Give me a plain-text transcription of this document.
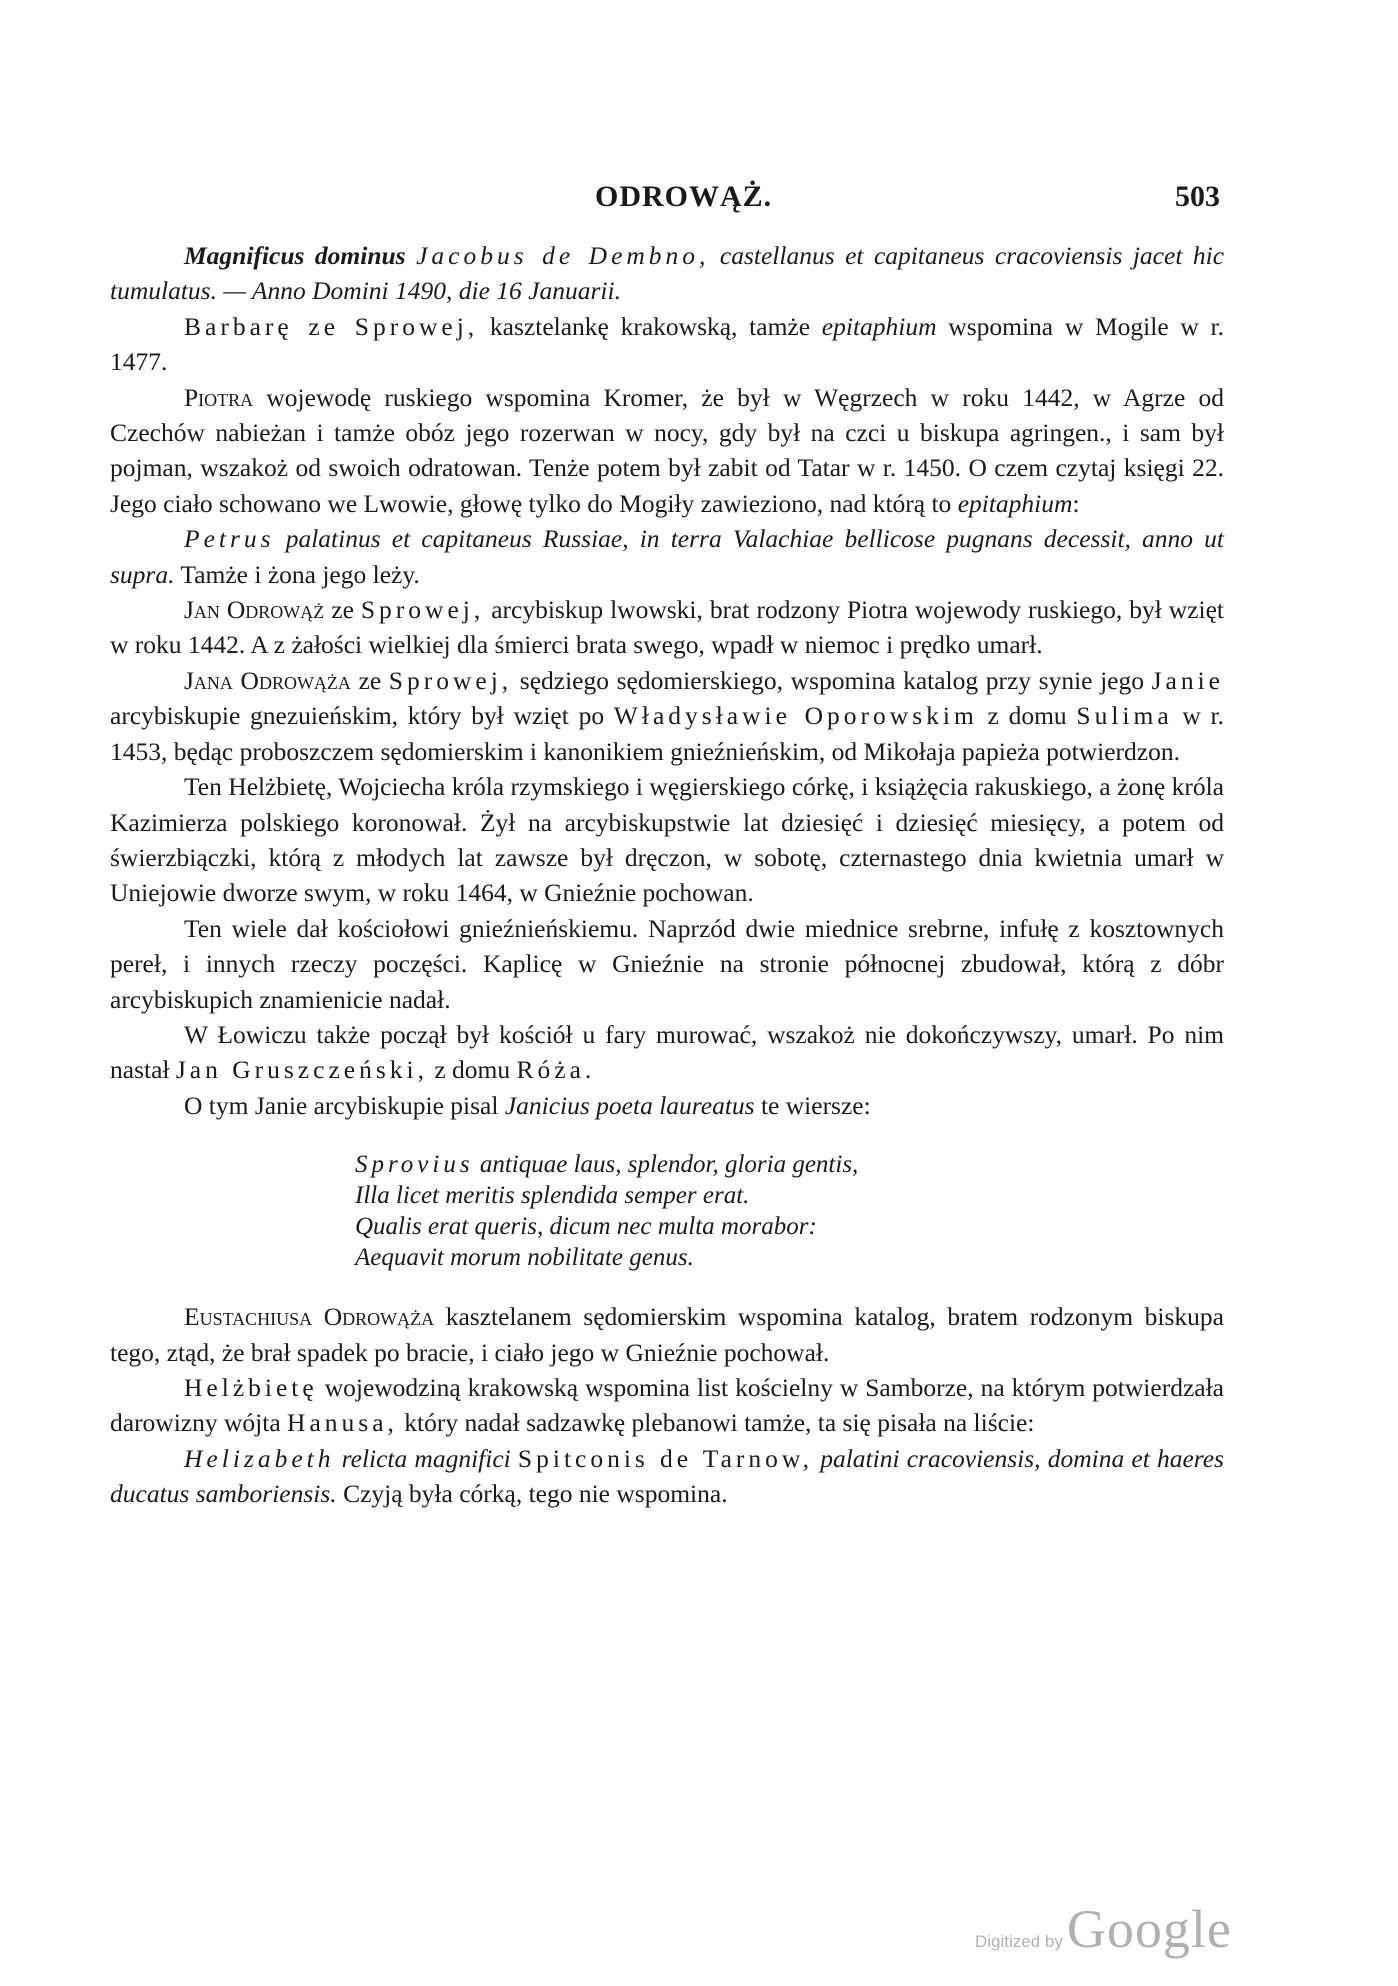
ODROWĄŻ.	503

Magnificus dominus Jacobus de Dembno, castellanus et capitaneus cracoviensis jacet hic tumulatus. — Anno Domini 1490, die 16 Januarii.

Barbarę ze Sprowej, kasztelankę krakowską, tamże epitaphium wspomina w Mogile w r. 1477.

Piotra wojewodę ruskiego wspomina Kromer, że był w Węgrzech w roku 1442, w Agrze od Czechów nabieżan i tamże obóz jego rozerwan w nocy, gdy był na czci u biskupa agringen., i sam był pojman, wszakoż od swoich odratowan. Tenże potem był zabit od Tatar w r. 1450. O czem czytaj księgi 22. Jego ciało schowano we Lwowie, głowę tylko do Mogiły zawieziono, nad którą to epitaphium:

Petrus palatinus et capitaneus Russiae, in terra Valachiae bellicose pugnans decessit, anno ut supra. Tamże i żona jego leży.

Jan Odrowąż ze Sprowej, arcybiskup lwowski, brat rodzony Piotra wojewody ruskiego, był wzięt w roku 1442. A z żałości wielkiej dla śmierci brata swego, wpadł w niemoc i prędko umarł.

Jana Odrowąża ze Sprowej, sędziego sędomierskiego, wspomina katalog przy synie jego Janie arcybiskupie gnezuieńskim, który był wzięt po Władysławie Oporowskim z domu Sulima w r. 1453, będąc proboszczem sędomierskim i kanonikiem gnieźnieńskim, od Mikołaja papieża potwierdzon.

Ten Helżbietę, Wojciecha króla rzymskiego i węgierskiego córkę, i książęcia rakuskiego, a żonę króla Kazimierza polskiego koronował. Żył na arcybiskupstwie lat dziesięć i dziesięć miesięcy, a potem od świerzbiączki, którą z młodych lat zawsze był dręczon, w sobotę, czternastego dnia kwietnia umarł w Uniejowie dworze swym, w roku 1464, w Gnieźnie pochowan.

Ten wiele dał kościołowi gnieźnieńskiemu. Naprzód dwie miednice srebrne, infułę z kosztownych pereł, i innych rzeczy poczęści. Kaplicę w Gnieźnie na stronie północnej zbudował, którą z dóbr arcybiskupich znamienicie nadał.

W Łowiczu także począł był kościół u fary murować, wszakoż nie dokończywszy, umarł. Po nim nastał Jan Gruszczeński, z domu Róża.

O tym Janie arcybiskupie pisal Janicius poeta laureatus te wiersze:

Sprovius antiquae laus, splendor, gloria gentis,
Illa licet meritis splendida semper erat.
Qualis erat queris, dicum nec multa morabor:
Aequavit morum nobilitate genus.

Eustachiusa Odrowąża kasztelanem sędomierskim wspomina katalog, bratem rodzonym biskupa tego, ztąd, że brał spadek po bracie, i ciało jego w Gnieźnie pochował.

Helżbietę wojewodziną krakowską wspomina list kościelny w Samborze, na którym potwierdzała darowizny wójta Hanusa, który nadał sadzawkę plebanowi tamże, ta się pisała na liście:

Helizabeth relicta magnifici Spitconis de Tarnow, palatini cracoviensis, domina et haeres ducatus samboriensis. Czyją była córką, tego nie wspomina.

Digitized by Google
